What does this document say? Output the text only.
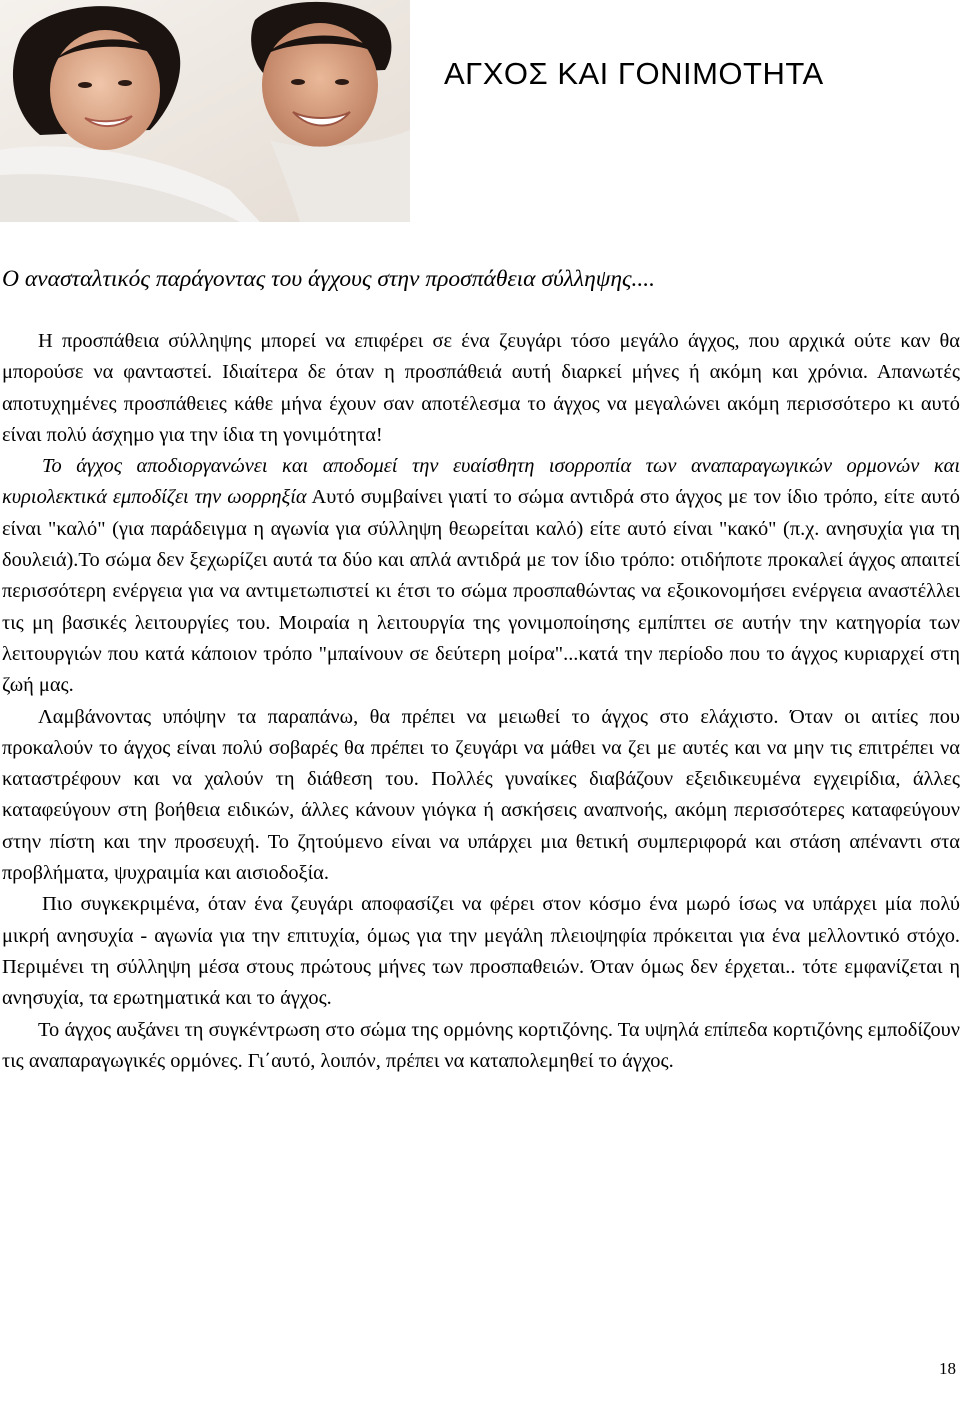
ΑΓΧΟΣ ΚΑΙ ΓΟΝΙΜΟΤΗΤΑ

Ο ανασταλτικός παράγοντας του άγχους στην προσπάθεια σύλληψης....

Η προσπάθεια σύλληψης μπορεί να επιφέρει σε ένα ζευγάρι τόσο μεγάλο άγχος, που αρχικά ούτε καν θα μπορούσε να φανταστεί. Ιδιαίτερα δε όταν η προσπάθειά αυτή διαρκεί μήνες ή ακόμη και χρόνια. Απανωτές αποτυχημένες προσπάθειες κάθε μήνα έχουν σαν αποτέλεσμα το άγχος να μεγαλώνει ακόμη περισσότερο κι αυτό είναι πολύ άσχημο για την ίδια τη γονιμότητα!

Το άγχος αποδιοργανώνει και αποδομεί την ευαίσθητη ισορροπία των αναπαραγωγικών ορμονών και κυριολεκτικά εμποδίζει την ωορρηξία Αυτό συμβαίνει γιατί το σώμα αντιδρά στο άγχος με τον ίδιο τρόπο, είτε αυτό είναι "καλό" (για παράδειγμα η αγωνία για σύλληψη θεωρείται καλό) είτε αυτό είναι "κακό" (π.χ. ανησυχία για τη δουλειά).Το σώμα δεν ξεχωρίζει αυτά τα δύο και απλά αντιδρά με τον ίδιο τρόπο: οτιδήποτε προκαλεί άγχος απαιτεί περισσότερη ενέργεια για να αντιμετωπιστεί κι έτσι το σώμα προσπαθώντας να εξοικονομήσει ενέργεια αναστέλλει τις μη βασικές λειτουργίες του. Μοιραία η λειτουργία της γονιμοποίησης εμπίπτει σε αυτήν την κατηγορία των λειτουργιών που κατά κάποιον τρόπο "μπαίνουν σε δεύτερη μοίρα"...κατά την περίοδο που το άγχος κυριαρχεί στη ζωή μας.

Λαμβάνοντας υπόψην τα παραπάνω, θα πρέπει να μειωθεί το άγχος στο ελάχιστο. Όταν οι αιτίες που προκαλούν το άγχος είναι πολύ σοβαρές θα πρέπει το ζευγάρι να μάθει να ζει με αυτές και να μην τις επιτρέπει να καταστρέφουν και να χαλούν τη διάθεση του. Πολλές γυναίκες διαβάζουν εξειδικευμένα εγχειρίδια, άλλες καταφεύγουν στη βοήθεια ειδικών, άλλες κάνουν γιόγκα ή ασκήσεις αναπνοής, ακόμη περισσότερες καταφεύγουν στην πίστη και την προσευχή. Το ζητούμενο είναι να υπάρχει μια θετική συμπεριφορά και στάση απέναντι στα προβλήματα, ψυχραιμία και αισιοδοξία.

Πιο συγκεκριμένα, όταν ένα ζευγάρι αποφασίζει να φέρει στον κόσμο ένα μωρό ίσως να υπάρχει μία πολύ μικρή ανησυχία - αγωνία για την επιτυχία, όμως για την μεγάλη πλειοψηφία πρόκειται για ένα μελλοντικό στόχο. Περιμένει τη σύλληψη μέσα στους πρώτους μήνες των προσπαθειών. Όταν όμως δεν έρχεται.. τότε εμφανίζεται η ανησυχία, τα ερωτηματικά και το άγχος.

Το άγχος αυξάνει τη συγκέντρωση στο σώμα της ορμόνης κορτιζόνης. Τα υψηλά επίπεδα κορτιζόνης εμποδίζουν τις αναπαραγωγικές ορμόνες. Γι΄αυτό, λοιπόν, πρέπει να καταπολεμηθεί το άγχος.

18
